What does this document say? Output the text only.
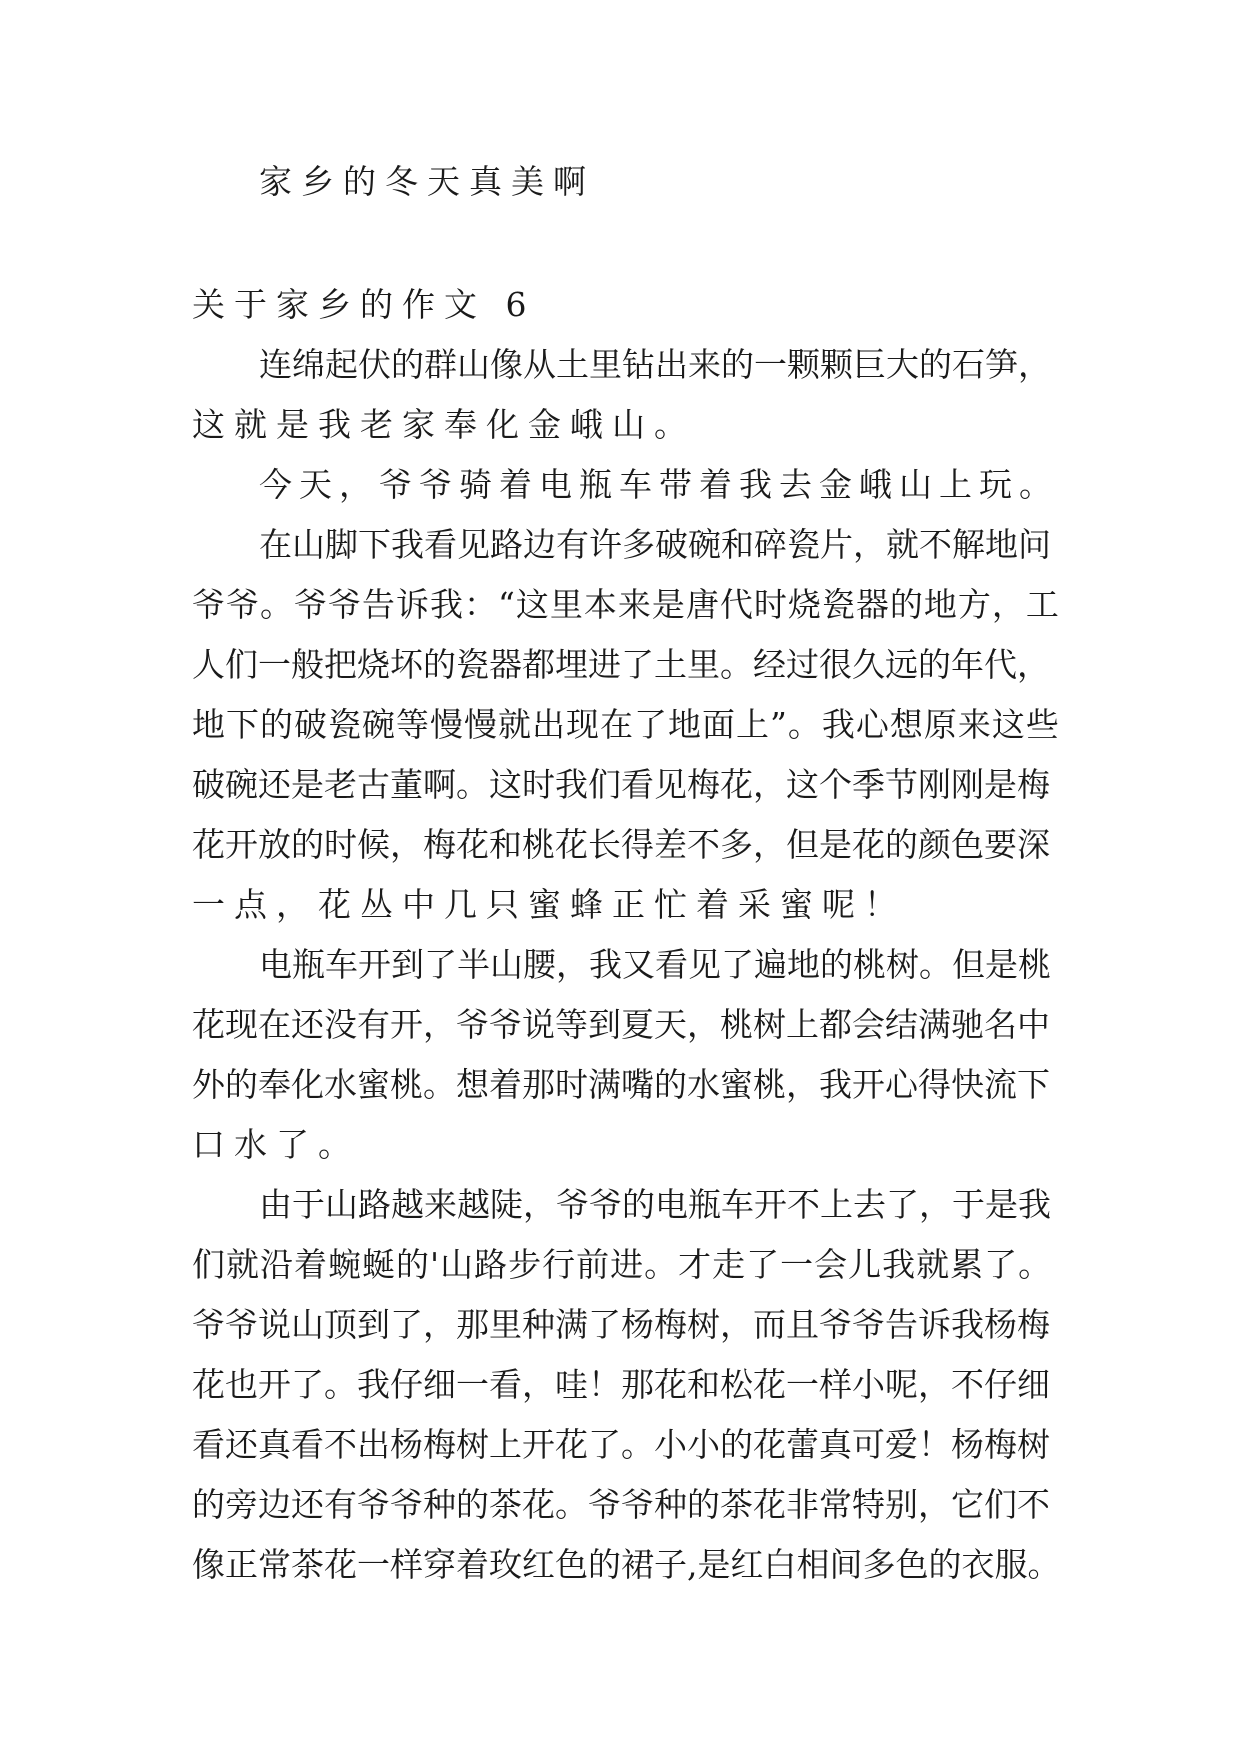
家乡的冬天真美啊
关于家乡的作文 6
连绵起伏的群山像从土里钻出来的一颗颗巨大的石笋，
这就是我老家奉化金峨山。
今天，爷爷骑着电瓶车带着我去金峨山上玩。
在山脚下我看见路边有许多破碗和碎瓷片，就不解地问
爷爷。爷爷告诉我：“这里本来是唐代时烧瓷器的地方，工
人们一般把烧坏的瓷器都埋进了土里。经过很久远的年代，
地下的破瓷碗等慢慢就出现在了地面上”。我心想原来这些
破碗还是老古董啊。这时我们看见梅花，这个季节刚刚是梅
花开放的时候，梅花和桃花长得差不多，但是花的颜色要深
一点，花丛中几只蜜蜂正忙着采蜜呢！
电瓶车开到了半山腰，我又看见了遍地的桃树。但是桃
花现在还没有开，爷爷说等到夏天，桃树上都会结满驰名中
外的奉化水蜜桃。想着那时满嘴的水蜜桃，我开心得快流下
口水了。
由于山路越来越陡，爷爷的电瓶车开不上去了，于是我
们就沿着蜿蜒的'山路步行前进。才走了一会儿我就累了。
爷爷说山顶到了，那里种满了杨梅树，而且爷爷告诉我杨梅
花也开了。我仔细一看，哇！那花和松花一样小呢，不仔细
看还真看不出杨梅树上开花了。小小的花蕾真可爱！杨梅树
的旁边还有爷爷种的茶花。爷爷种的茶花非常特别，它们不
像正常茶花一样穿着玫红色的裙子,是红白相间多色的衣服。
